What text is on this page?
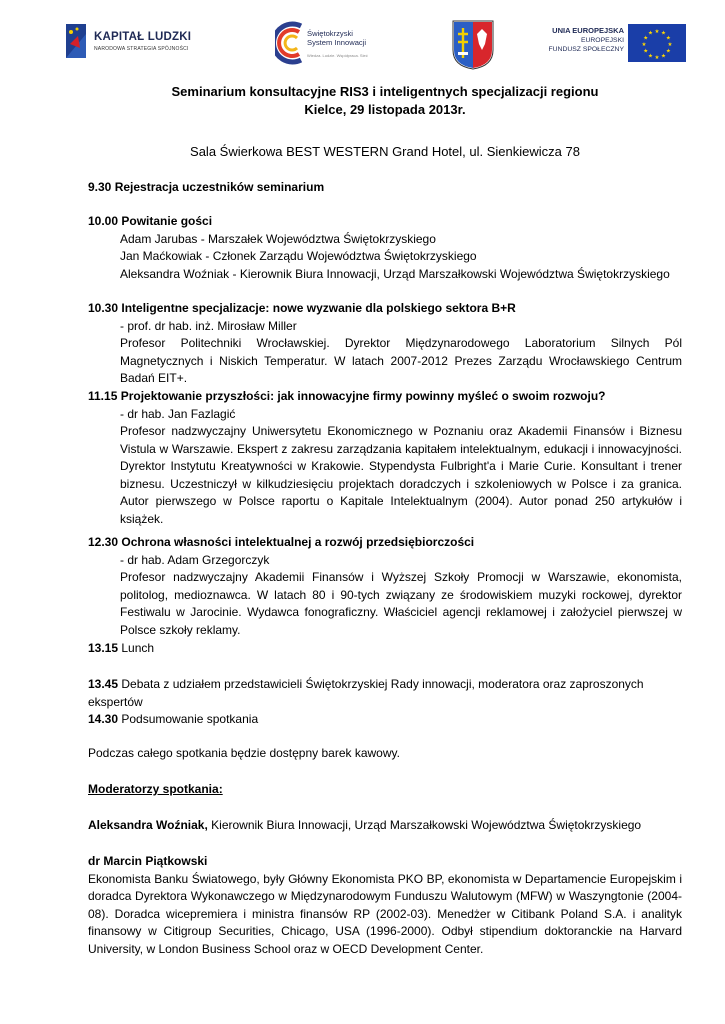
KAPITAŁ LUDZKI
NARODOWA STRATEGIA SPÓJNOŚCI
Świętokrzyski
System Innowacji
Wiedza. Ludzie. Współpraca. Sieć
UNIA EUROPEJSKA
EUROPEJSKI
FUNDUSZ SPOŁECZNY
★ ★
★
★
★
★
★
★
★
★
★
★
Seminarium konsultacyjne RIS3 i inteligentnych specjalizacji regionu
Kielce, 29 listopada 2013r.
Sala Świerkowa BEST WESTERN Grand Hotel, ul. Sienkiewicza 78

9.30 Rejestracja uczestników seminarium

10.00 Powitanie gości

Adam Jarubas - Marszałek Województwa Świętokrzyskiego

Jan Maćkowiak - Członek Zarządu Województwa Świętokrzyskiego

Aleksandra Woźniak - Kierownik Biura Innowacji, Urząd Marszałkowski Województwa Świętokrzyskiego

10.30 Inteligentne specjalizacje: nowe wyzwanie dla polskiego sektora B+R

- prof. dr hab. inż. Mirosław Miller

Profesor Politechniki Wrocławskiej. Dyrektor Międzynarodowego Laboratorium Silnych Pól Magnetycznych i Niskich Temperatur. W latach 2007-2012 Prezes Zarządu Wrocławskiego Centrum Badań EIT+.

11.15 Projektowanie przyszłości: jak innowacyjne firmy powinny myśleć o swoim rozwoju?

- dr hab. Jan Fazlagić

Profesor nadzwyczajny Uniwersytetu Ekonomicznego w Poznaniu oraz Akademii Finansów i Biznesu Vistula w Warszawie. Ekspert z zakresu zarządzania kapitałem intelektualnym, edukacji i innowacyjności. Dyrektor Instytutu Kreatywności w Krakowie. Stypendysta Fulbright'a i Marie Curie. Konsultant i trener biznesu. Uczestniczył w kilkudziesięciu projektach doradczych i szkoleniowych w Polsce i za granica. Autor pierwszego w Polsce raportu o Kapitale Intelektualnym (2004). Autor ponad 250 artykułów i książek.

12.30 Ochrona własności intelektualnej a rozwój przedsiębiorczości

- dr hab. Adam Grzegorczyk

Profesor nadzwyczajny Akademii Finansów i Wyższej Szkoły Promocji w Warszawie, ekonomista, politolog, medioznawca. W latach 80 i 90-tych związany ze środowiskiem muzyki rockowej, dyrektor Festiwalu w Jarocinie. Wydawca fonograficzny. Właściciel agencji reklamowej i założyciel pierwszej w Polsce szkoły reklamy.

13.15 Lunch

13.45 Debata z udziałem przedstawicieli Świętokrzyskiej Rady innowacji, moderatora oraz zaproszonych ekspertów

14.30 Podsumowanie spotkania

Podczas całego spotkania będzie dostępny barek kawowy.

Moderatorzy spotkania:

Aleksandra Woźniak, Kierownik Biura Innowacji, Urząd Marszałkowski Województwa Świętokrzyskiego

dr Marcin Piątkowski

Ekonomista Banku Światowego, były Główny Ekonomista PKO BP, ekonomista w Departamencie Europejskim i doradca Dyrektora Wykonawczego w Międzynarodowym Funduszu Walutowym (MFW) w Waszyngtonie (2004-08). Doradca wicepremiera i ministra finansów RP (2002-03). Menedżer w Citibank Poland S.A. i analityk finansowy w Citigroup Securities, Chicago, USA (1996-2000). Odbył stipendium doktoranckie na Harvard University, w London Business School oraz w OECD Development Center.
